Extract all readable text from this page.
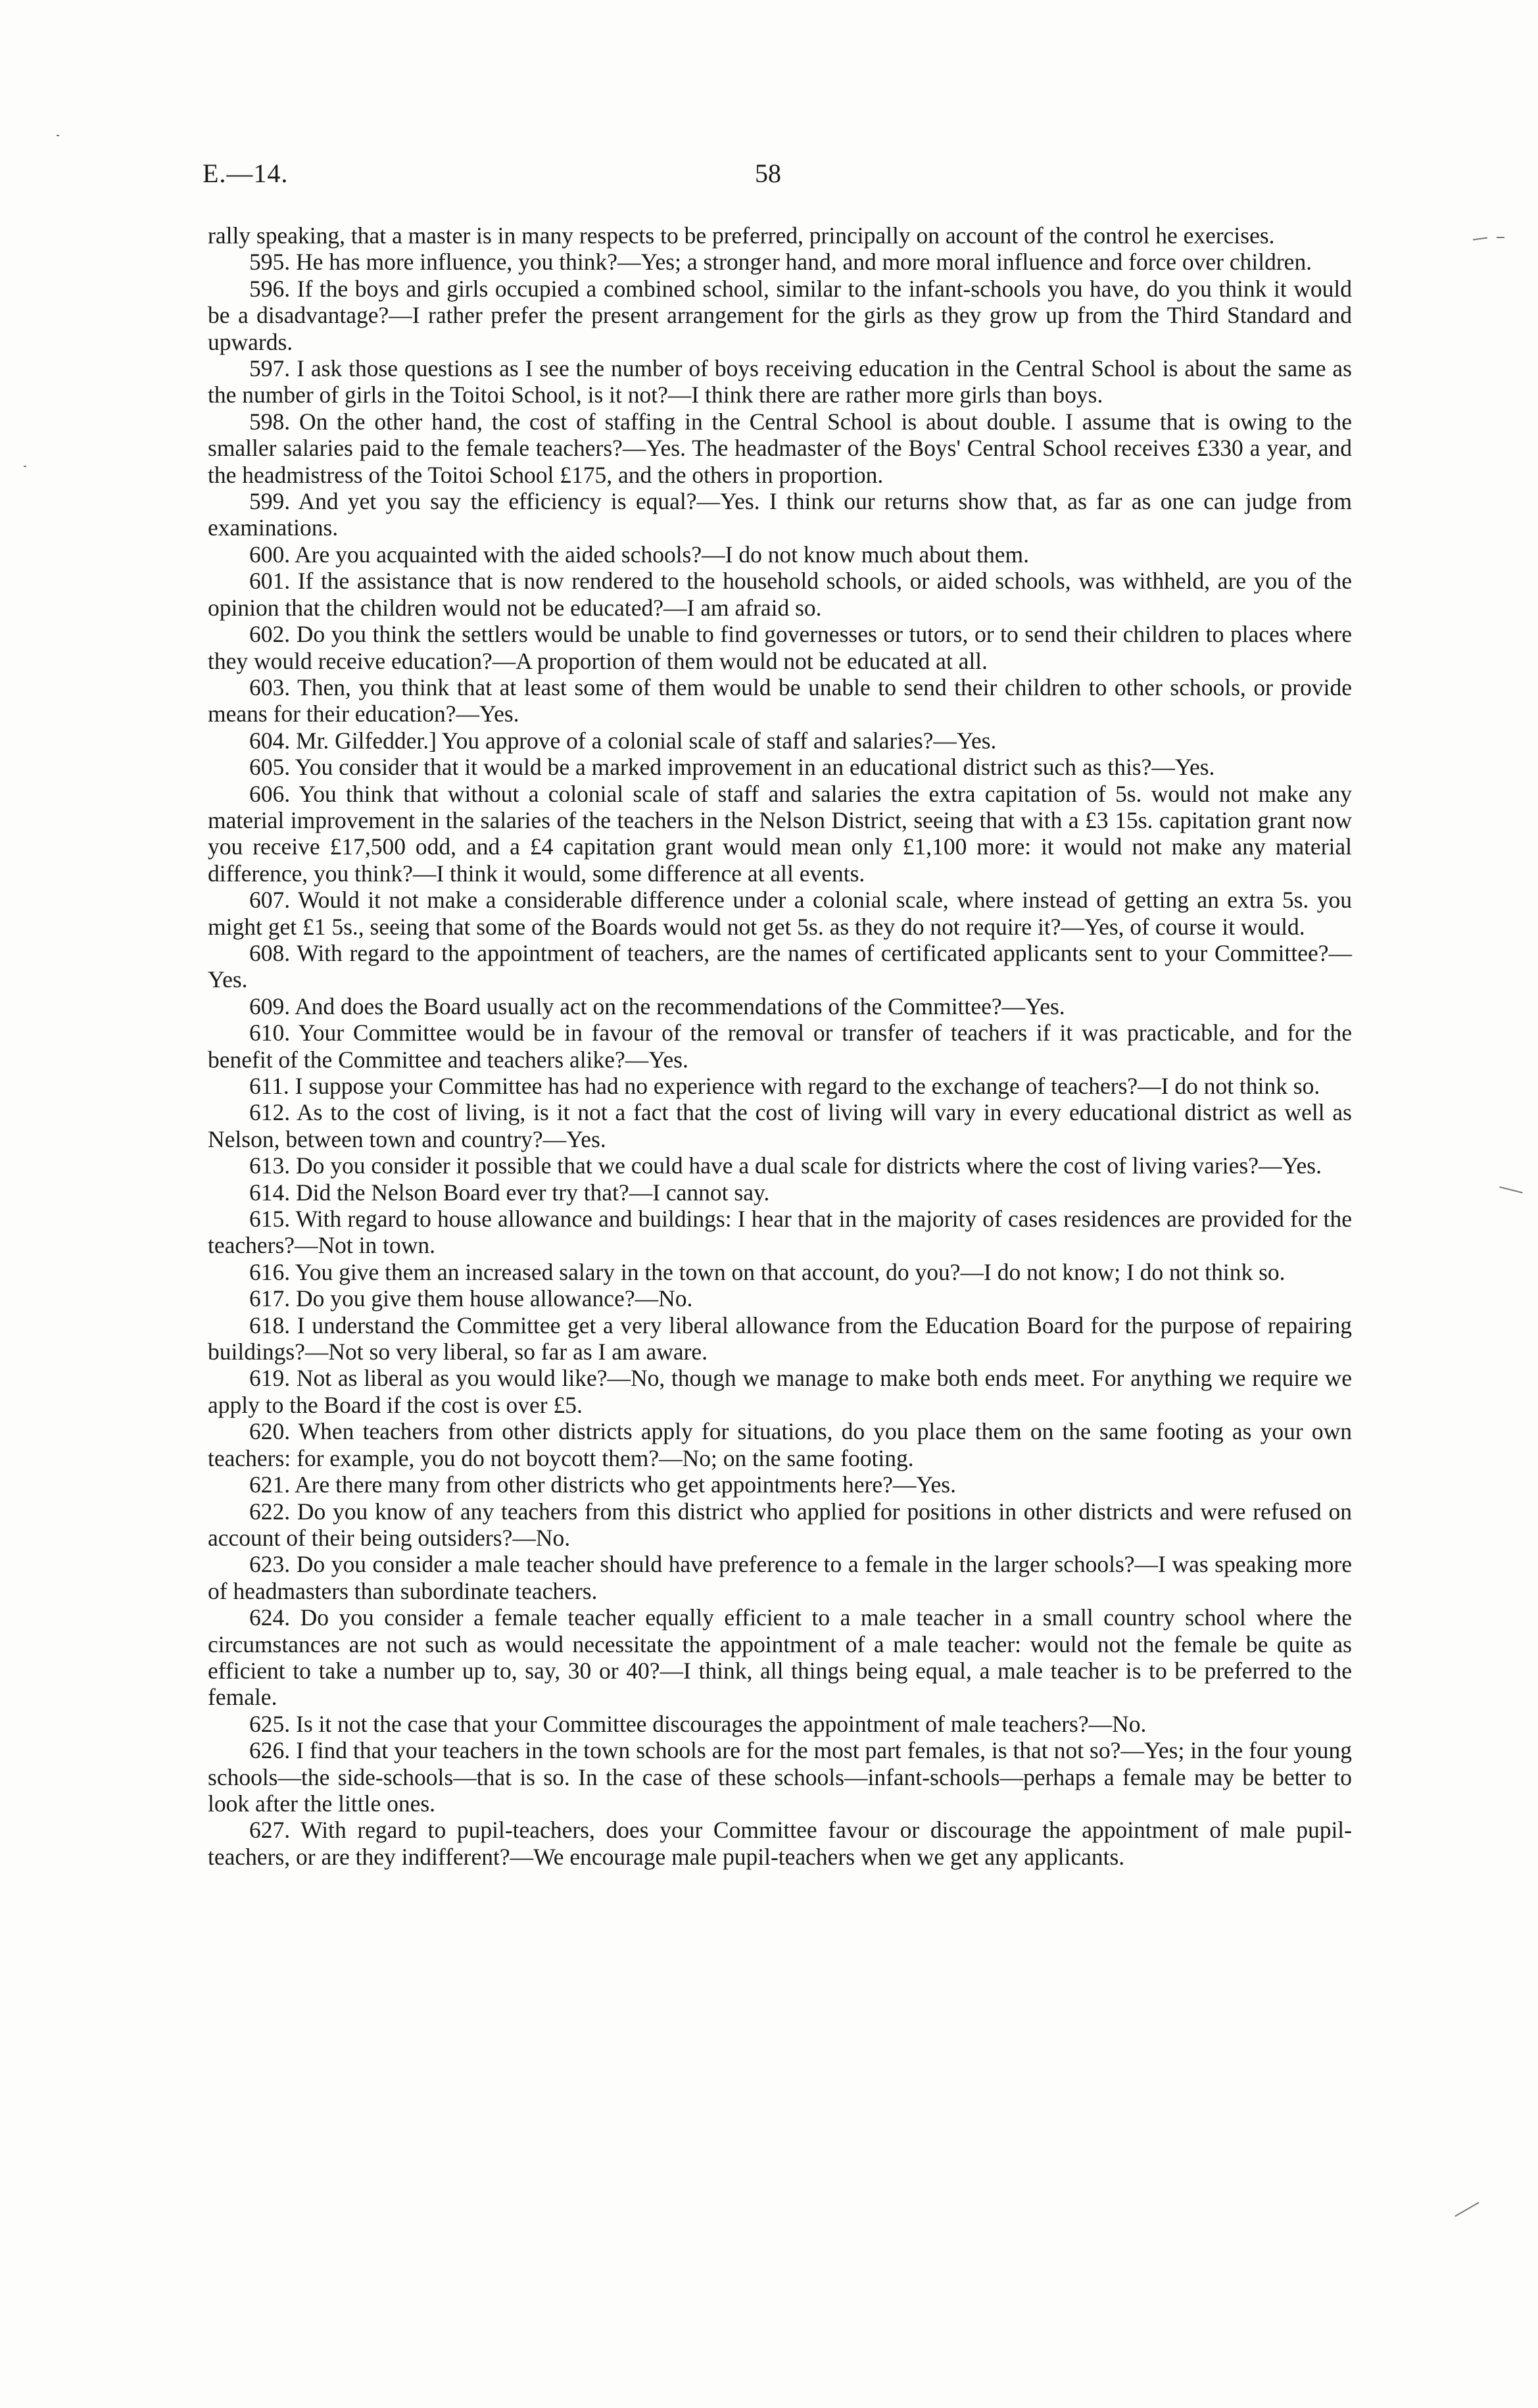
E.—14.	58

rally speaking, that a master is in many respects to be preferred, principally on account of the control he exercises.

595. He has more influence, you think?—Yes; a stronger hand, and more moral influence and force over children.

596. If the boys and girls occupied a combined school, similar to the infant-schools you have, do you think it would be a disadvantage?—I rather prefer the present arrangement for the girls as they grow up from the Third Standard and upwards.

597. I ask those questions as I see the number of boys receiving education in the Central School is about the same as the number of girls in the Toitoi School, is it not?—I think there are rather more girls than boys.

598. On the other hand, the cost of staffing in the Central School is about double. I assume that is owing to the smaller salaries paid to the female teachers?—Yes. The headmaster of the Boys' Central School receives £330 a year, and the headmistress of the Toitoi School £175, and the others in proportion.

599. And yet you say the efficiency is equal?—Yes. I think our returns show that, as far as one can judge from examinations.

600. Are you acquainted with the aided schools?—I do not know much about them.

601. If the assistance that is now rendered to the household schools, or aided schools, was withheld, are you of the opinion that the children would not be educated?—I am afraid so.

602. Do you think the settlers would be unable to find governesses or tutors, or to send their children to places where they would receive education?—A proportion of them would not be educated at all.

603. Then, you think that at least some of them would be unable to send their children to other schools, or provide means for their education?—Yes.

604. Mr. Gilfedder.] You approve of a colonial scale of staff and salaries?—Yes.

605. You consider that it would be a marked improvement in an educational district such as this?—Yes.

606. You think that without a colonial scale of staff and salaries the extra capitation of 5s. would not make any material improvement in the salaries of the teachers in the Nelson District, seeing that with a £3 15s. capitation grant now you receive £17,500 odd, and a £4 capitation grant would mean only £1,100 more: it would not make any material difference, you think?—I think it would, some difference at all events.

607. Would it not make a considerable difference under a colonial scale, where instead of getting an extra 5s. you might get £1 5s., seeing that some of the Boards would not get 5s. as they do not require it?—Yes, of course it would.

608. With regard to the appointment of teachers, are the names of certificated applicants sent to your Committee?—Yes.

609. And does the Board usually act on the recommendations of the Committee?—Yes.

610. Your Committee would be in favour of the removal or transfer of teachers if it was practicable, and for the benefit of the Committee and teachers alike?—Yes.

611. I suppose your Committee has had no experience with regard to the exchange of teachers?—I do not think so.

612. As to the cost of living, is it not a fact that the cost of living will vary in every educational district as well as Nelson, between town and country?—Yes.

613. Do you consider it possible that we could have a dual scale for districts where the cost of living varies?—Yes.

614. Did the Nelson Board ever try that?—I cannot say.

615. With regard to house allowance and buildings: I hear that in the majority of cases residences are provided for the teachers?—Not in town.

616. You give them an increased salary in the town on that account, do you?—I do not know; I do not think so.

617. Do you give them house allowance?—No.

618. I understand the Committee get a very liberal allowance from the Education Board for the purpose of repairing buildings?—Not so very liberal, so far as I am aware.

619. Not as liberal as you would like?—No, though we manage to make both ends meet. For anything we require we apply to the Board if the cost is over £5.

620. When teachers from other districts apply for situations, do you place them on the same footing as your own teachers: for example, you do not boycott them?—No; on the same footing.

621. Are there many from other districts who get appointments here?—Yes.

622. Do you know of any teachers from this district who applied for positions in other districts and were refused on account of their being outsiders?—No.

623. Do you consider a male teacher should have preference to a female in the larger schools?—I was speaking more of headmasters than subordinate teachers.

624. Do you consider a female teacher equally efficient to a male teacher in a small country school where the circumstances are not such as would necessitate the appointment of a male teacher: would not the female be quite as efficient to take a number up to, say, 30 or 40?—I think, all things being equal, a male teacher is to be preferred to the female.

625. Is it not the case that your Committee discourages the appointment of male teachers?—No.

626. I find that your teachers in the town schools are for the most part females, is that not so?—Yes; in the four young schools—the side-schools—that is so. In the case of these schools—infant-schools—perhaps a female may be better to look after the little ones.

627. With regard to pupil-teachers, does your Committee favour or discourage the appointment of male pupil-teachers, or are they indifferent?—We encourage male pupil-teachers when we get any applicants.
